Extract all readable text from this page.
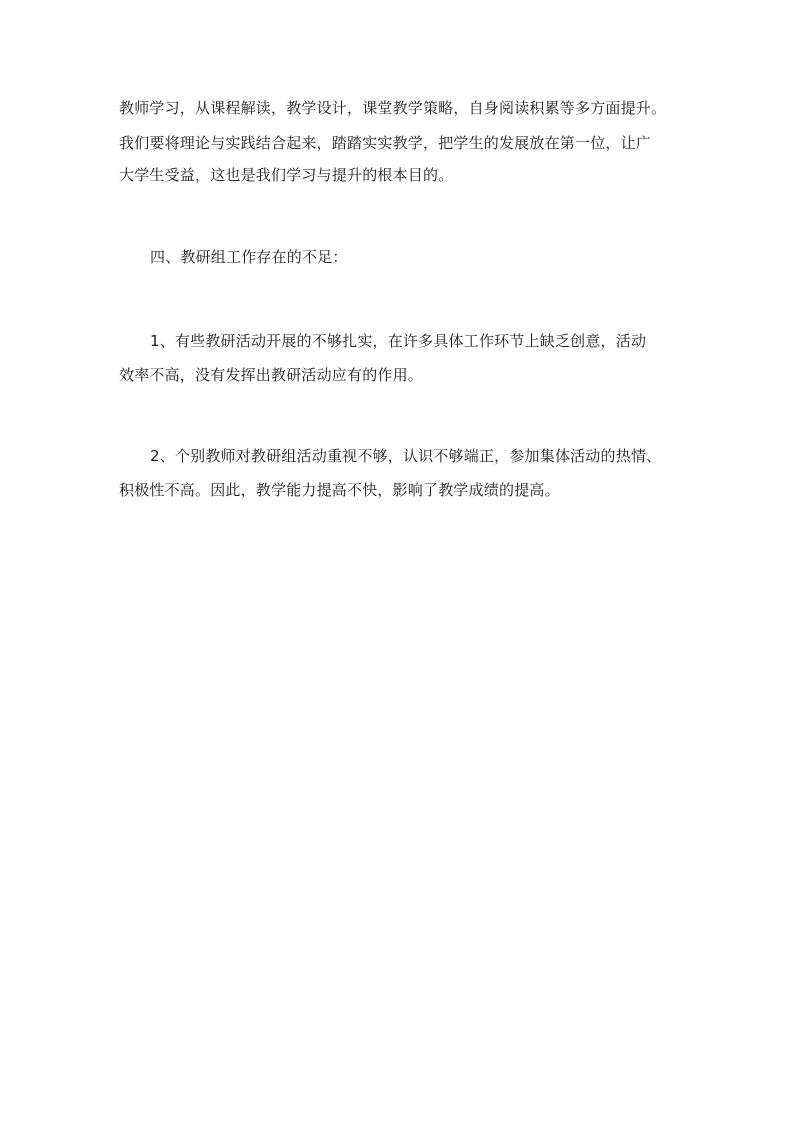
教师学习，从课程解读，教学设计，课堂教学策略，自身阅读积累等多方面提升。
我们要将理论与实践结合起来，踏踏实实教学，把学生的发展放在第一位，让广
大学生受益，这也是我们学习与提升的根本目的。
四、教研组工作存在的不足：
1、有些教研活动开展的不够扎实，在许多具体工作环节上缺乏创意，活动
效率不高，没有发挥出教研活动应有的作用。
2、个别教师对教研组活动重视不够，认识不够端正，参加集体活动的热情、
积极性不高。因此，教学能力提高不快，影响了教学成绩的提高。
